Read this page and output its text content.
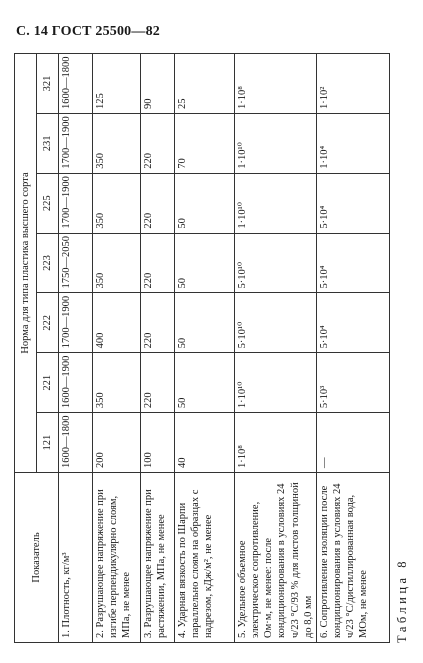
С. 14 ГОСТ 25500—82
Таблица 8
Показатель	Норма для типа пластика высшего сорта						
	121	221	222	223	225	231	321
1. Плотность, кг/м³	1600—1800	1600—1900	1700—1900	1750—2050	1700—1900	1700—1900	1600—1800
2. Разрушающее напряжение при изгибе перпендикулярно слоям, МПа, не менее	200	350	400	350	350	350	125
3. Разрушающее напряжение при растяжении, МПа, не менее	100	220	220	220	220	220	90
4. Ударная вязкость по Шарпи параллельно слоям на образцах с надрезом, кДж/м², не менее	40	50	50	50	50	70	25
5. Удельное объемное электрическое сопротивление, Ом·м, не менее: после кондиционирования в условиях 24 ч/23 °C/93 % для листов толщиной до 8,0 мм	1·10⁸	1·10¹⁰	5·10¹⁰	5·10¹⁰	1·10¹⁰	1·10¹⁰	1·10⁸
6. Сопротивление изоляции после кондиционирования в условиях 24 ч/23 °C/дистиллированная вода, МОм, не менее	—	5·10³	5·10⁴	5·10⁴	5·10⁴	1·10⁴	1·10²
